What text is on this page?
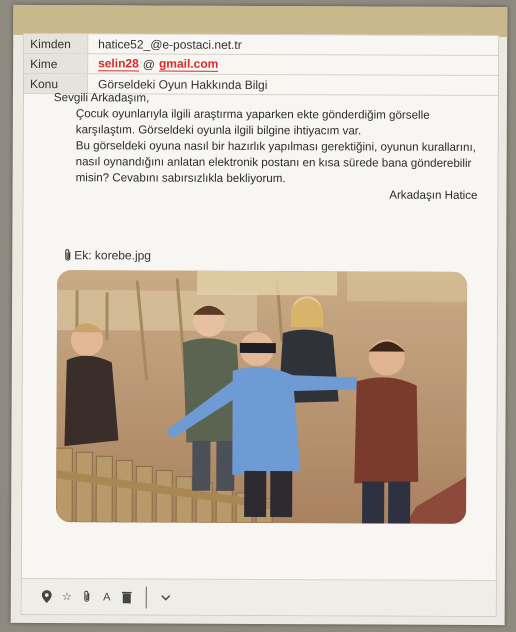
Kimden	hatice52_@e-postaci.net.tr
Kime	selin28 @ gmail.com
Konu	Görseldeki Oyun Hakkında Bilgi

Sevgili Arkadaşım,

Çocuk oyunlarıyla ilgili araştırma yaparken ekte gönderdiğim görselle karşılaştım. Görseldeki oyunla ilgili bilgine ihtiyacım var.

Bu görseldeki oyuna nasıl bir hazırlık yapılması gerektiğini, oyunun kurallarını, nasıl oynandığını anlatan elektronik postanı en kısa sürede bana gönderebilir misin? Cevabını sabırsızlıkla bekliyorum.

Arkadaşın Hatice

Ek: korebe.jpg
☆	A
